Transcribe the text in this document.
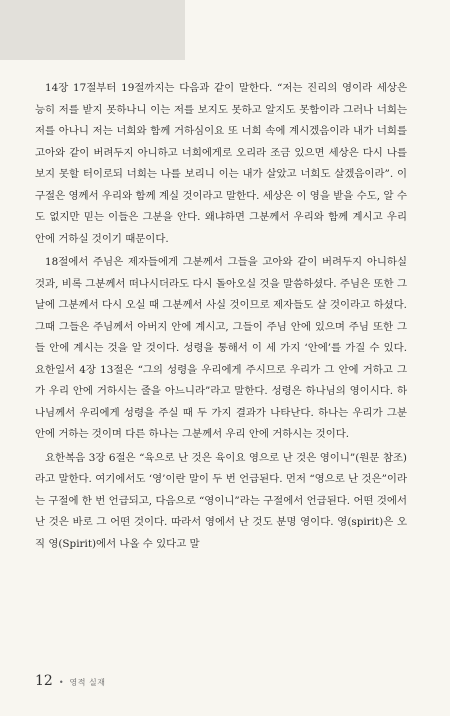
14장 17절부터 19절까지는 다음과 같이 말한다. “저는 진리의 영이라 세상은 능히 저를 받지 못하나니 이는 저를 보지도 못하고 알지도 못함이라 그러나 너희는 저를 아나니 저는 너희와 함께 거하심이요 또 너희 속에 계시겠음이라 내가 너희를 고아와 같이 버려두지 아니하고 너희에게로 오리라 조금 있으면 세상은 다시 나를 보지 못할 터이로되 너희는 나를 보리니 이는 내가 살았고 너희도 살겠음이라”. 이 구절은 영께서 우리와 함께 계실 것이라고 말한다. 세상은 이 영을 받을 수도, 알 수도 없지만 믿는 이들은 그분을 안다. 왜냐하면 그분께서 우리와 함께 계시고 우리 안에 거하실 것이기 때문이다.

18절에서 주님은 제자들에게 그분께서 그들을 고아와 같이 버려두지 아니하실 것과, 비록 그분께서 떠나시더라도 다시 돌아오실 것을 말씀하셨다. 주님은 또한 그날에 그분께서 다시 오실 때 그분께서 사실 것이므로 제자들도 살 것이라고 하셨다. 그때 그들은 주님께서 아버지 안에 계시고, 그들이 주님 안에 있으며 주님 또한 그들 안에 계시는 것을 알 것이다. 성령을 통해서 이 세 가지 ‘안에’를 가질 수 있다. 요한일서 4장 13절은 “그의 성령을 우리에게 주시므로 우리가 그 안에 거하고 그가 우리 안에 거하시는 줄을 아느니라”라고 말한다. 성령은 하나님의 영이시다. 하나님께서 우리에게 성령을 주실 때 두 가지 결과가 나타난다. 하나는 우리가 그분 안에 거하는 것이며 다른 하나는 그분께서 우리 안에 거하시는 것이다.

요한복음 3장 6절은 “육으로 난 것은 육이요 영으로 난 것은 영이니”(원문 참조)라고 말한다. 여기에서도 ‘영’이란 말이 두 번 언급된다. 먼저 “영으로 난 것은”이라는 구절에 한 번 언급되고, 다음으로 “영이니”라는 구절에서 언급된다. 어떤 것에서 난 것은 바로 그 어떤 것이다. 따라서 영에서 난 것도 분명 영이다. 영(spirit)은 오직 영(Spirit)에서 나올 수 있다고 말

12 • 영적 실재
